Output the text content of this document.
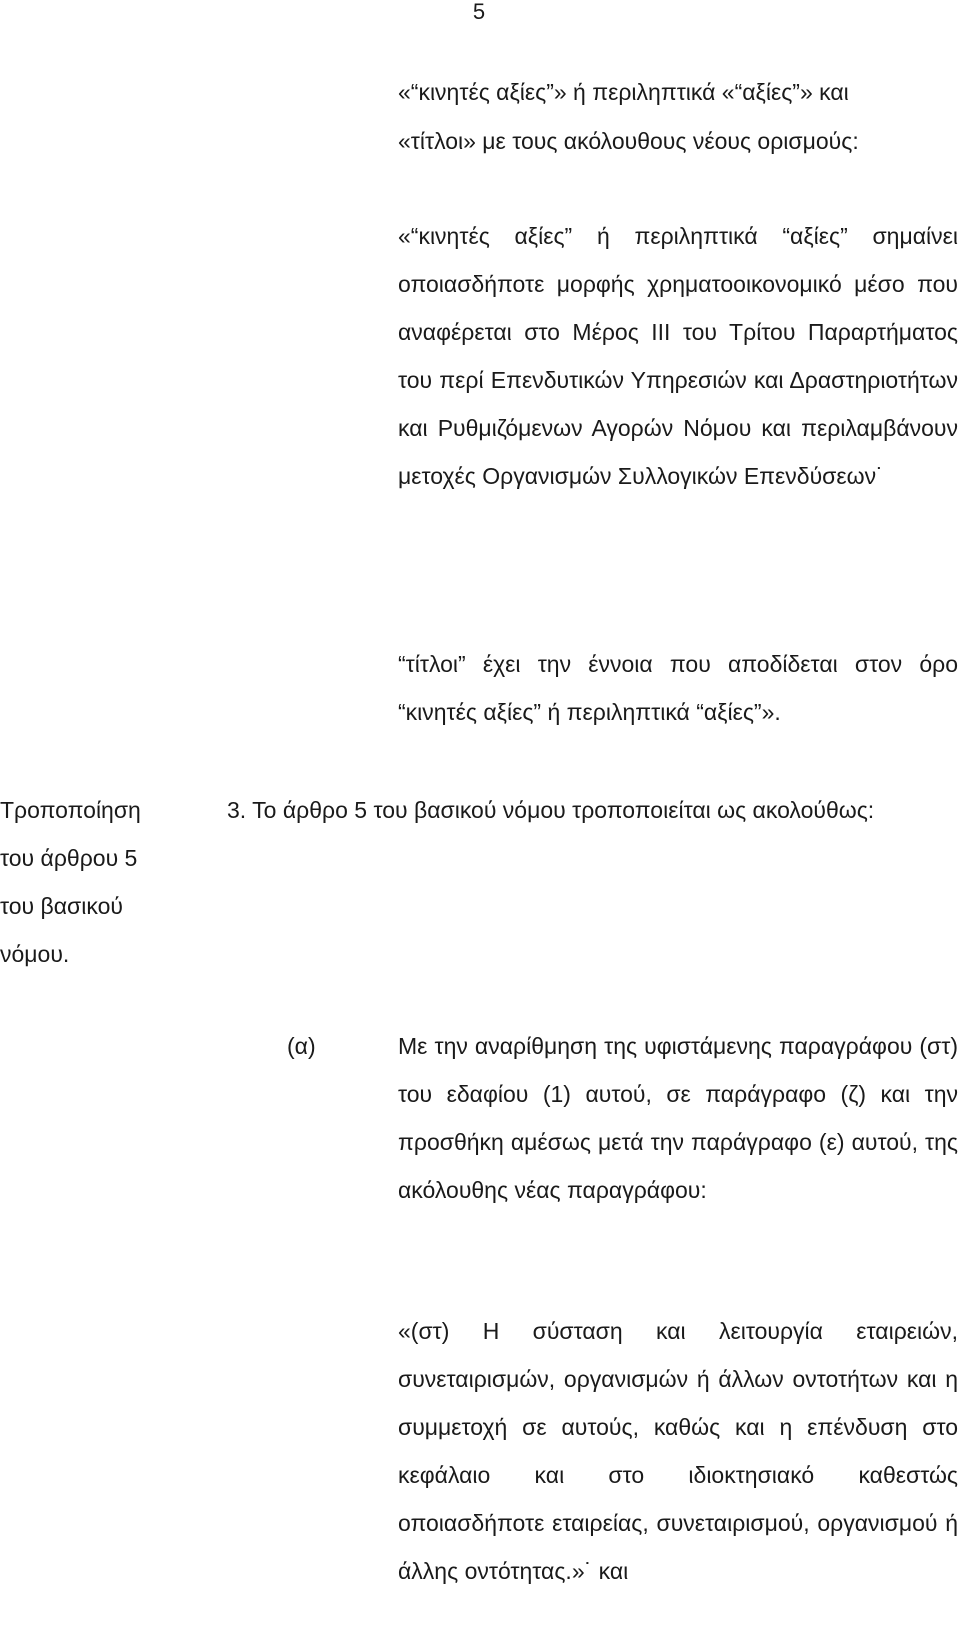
5

«“κινητές αξίες”» ή περιληπτικά «“αξίες”» και
«τίτλοι» με τους ακόλουθους νέους ορισμούς:

«“κινητές αξίες” ή περιληπτικά “αξίες” σημαίνει οποιασδήποτε μορφής χρηματοοικονομικό μέσο που αναφέρεται στο Μέρος ΙΙΙ του Τρίτου Παραρτήματος του περί Επενδυτικών Υπηρεσιών και Δραστηριοτήτων και Ρυθμιζόμενων Αγορών Νόμου και περιλαμβάνουν μετοχές Οργανισμών Συλλογικών Επενδύσεων˙

“τίτλοι” έχει την έννοια που αποδίδεται στον όρο “κινητές αξίες” ή περιληπτικά “αξίες”».

Τροποποίηση
του άρθρου 5
του βασικού
νόμου.

3. Το άρθρο 5 του βασικού νόμου τροποποιείται ως ακολούθως:

(α)	Με την αναρίθμηση της υφιστάμενης παραγράφου (στ) του εδαφίου (1) αυτού, σε παράγραφο (ζ) και την προσθήκη αμέσως μετά την παράγραφο (ε) αυτού, της ακόλουθης νέας παραγράφου:

«(στ) Η σύσταση και λειτουργία εταιρειών, συνεταιρισμών, οργανισμών ή άλλων οντοτήτων και η συμμετοχή σε αυτούς, καθώς και η επένδυση στο κεφάλαιο και στο ιδιοκτησιακό καθεστώς οποιασδήποτε εταιρείας, συνεταιρισμού, οργανισμού ή άλλης οντότητας.»˙ και
